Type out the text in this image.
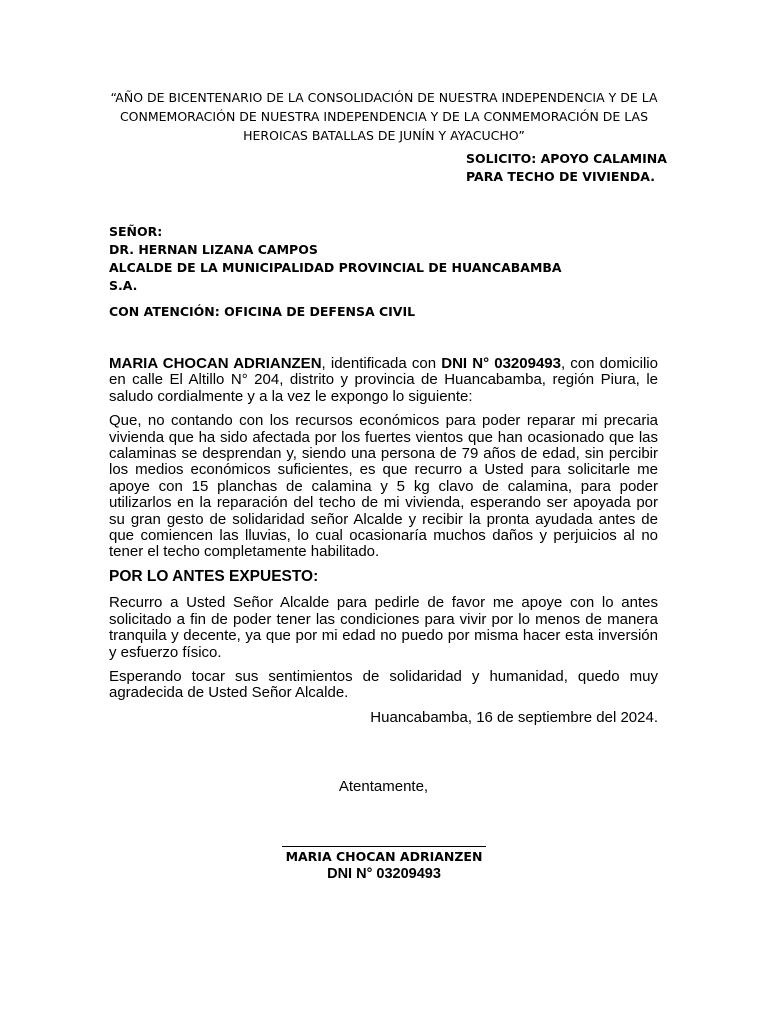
“AÑO DE BICENTENARIO DE LA CONSOLIDACIÓN DE NUESTRA INDEPENDENCIA Y DE LA CONMEMORACIÓN DE NUESTRA INDEPENDENCIA Y DE LA CONMEMORACIÓN DE LAS HEROICAS BATALLAS DE JUNÍN Y AYACUCHO”
SOLICITO: APOYO CALAMINA
PARA TECHO DE VIVIENDA.
SEÑOR:
DR. HERNAN LIZANA CAMPOS
ALCALDE DE LA MUNICIPALIDAD PROVINCIAL DE HUANCABAMBA
S.A.
CON ATENCIÓN: OFICINA DE DEFENSA CIVIL

MARIA CHOCAN ADRIANZEN, identificada con DNI N° 03209493, con domicilio en calle El Altillo N° 204, distrito y provincia de Huancabamba, región Piura, le saludo cordialmente y a la vez le expongo lo siguiente:

Que, no contando con los recursos económicos para poder reparar mi precaria vivienda que ha sido afectada por los fuertes vientos que han ocasionado que las calaminas se desprendan y, siendo una persona de 79 años de edad, sin percibir los medios económicos suficientes, es que recurro a Usted para solicitarle me apoye con 15 planchas de calamina y 5 kg clavo de calamina, para poder utilizarlos en la reparación del techo de mi vivienda, esperando ser apoyada por su gran gesto de solidaridad señor Alcalde y recibir la pronta ayudada antes de que comiencen las lluvias, lo cual ocasionaría muchos daños y perjuicios al no tener el techo completamente habilitado.

POR LO ANTES EXPUESTO:

Recurro a Usted Señor Alcalde para pedirle de favor me apoye con lo antes solicitado a fin de poder tener las condiciones para vivir por lo menos de manera tranquila y decente, ya que por mi edad no puedo por misma hacer esta inversión y esfuerzo físico.

Esperando tocar sus sentimientos de solidaridad y humanidad, quedo muy agradecida de Usted Señor Alcalde.

Huancabamba, 16 de septiembre del 2024.

Atentamente,
MARIA CHOCAN ADRIANZEN
DNI N° 03209493
